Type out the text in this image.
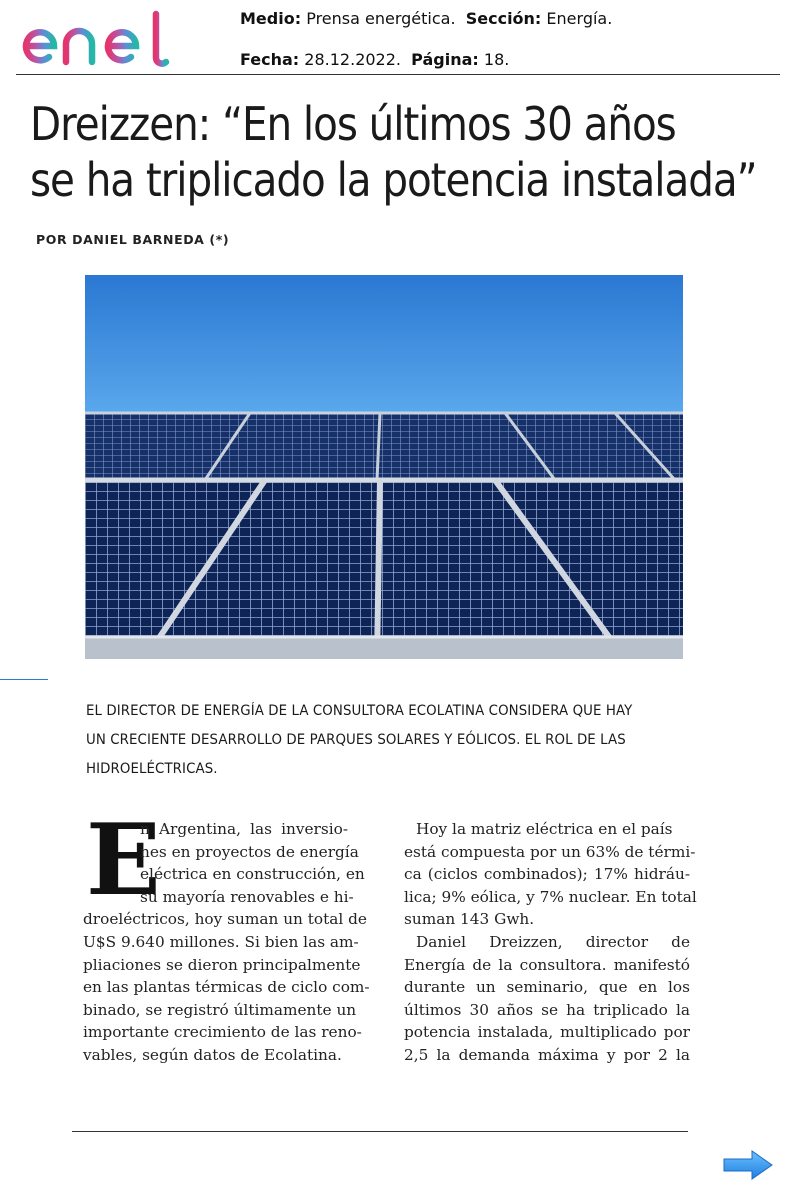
Medio: Prensa energética. Sección: Energía.
Fecha: 28.12.2022. Página: 18.
Dreizzen: “En los últimos 30 años
se ha triplicado la potencia instalada”
POR DANIEL BARNEDA (*)
EL DIRECTOR DE ENERGÍA DE LA CONSULTORA ECOLATINA CONSIDERA QUE HAY
UN CRECIENTE DESARROLLO DE PARQUES SOLARES Y EÓLICOS. EL ROL DE LAS
HIDROELÉCTRICAS.
E
n Argentina, las inversio-
nes en proyectos de energía
eléctrica en construcción, en
su mayoría renovables e hi-
droeléctricos, hoy suman un total de
U$S 9.640 millones. Si bien las am-
pliaciones se dieron principalmente
en las plantas térmicas de ciclo com-
binado, se registró últimamente un
importante crecimiento de las reno-
vables, según datos de Ecolatina.
Hoy la matriz eléctrica en el país
está compuesta por un 63% de térmi-
ca (ciclos combinados); 17% hidráu-
lica; 9% eólica, y 7% nuclear. En total
suman 143 Gwh.
Daniel Dreizzen, director de
Energía de la consultora. manifestó
durante un seminario, que en los
últimos 30 años se ha triplicado la
potencia instalada, multiplicado por
2,5 la demanda máxima y por 2 la
